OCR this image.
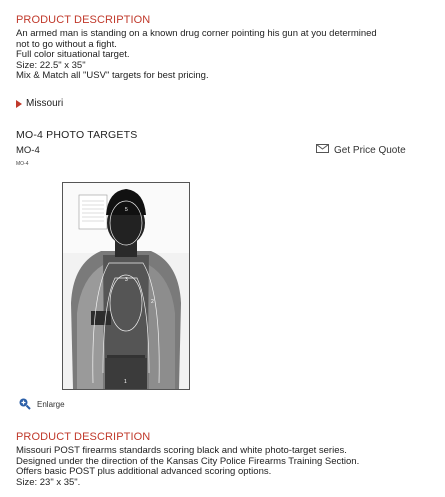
PRODUCT DESCRIPTION
An armed man is standing on a known drug corner pointing his gun at you determined
not to go without a fight.
Full color situational target.
Size: 22.5" x 35"
Mix & Match all "USV" targets for best pricing.
Missouri
MO-4 PHOTO TARGETS
MO-4
MO-4
Get Price Quote
5
3
2
1
Enlarge
PRODUCT DESCRIPTION
Missouri POST firearms standards scoring black and white photo-target series.
Designed under the direction of the Kansas City Police Firearms Training Section.
Offers basic POST plus additional advanced scoring options.
Size: 23" x 35".
